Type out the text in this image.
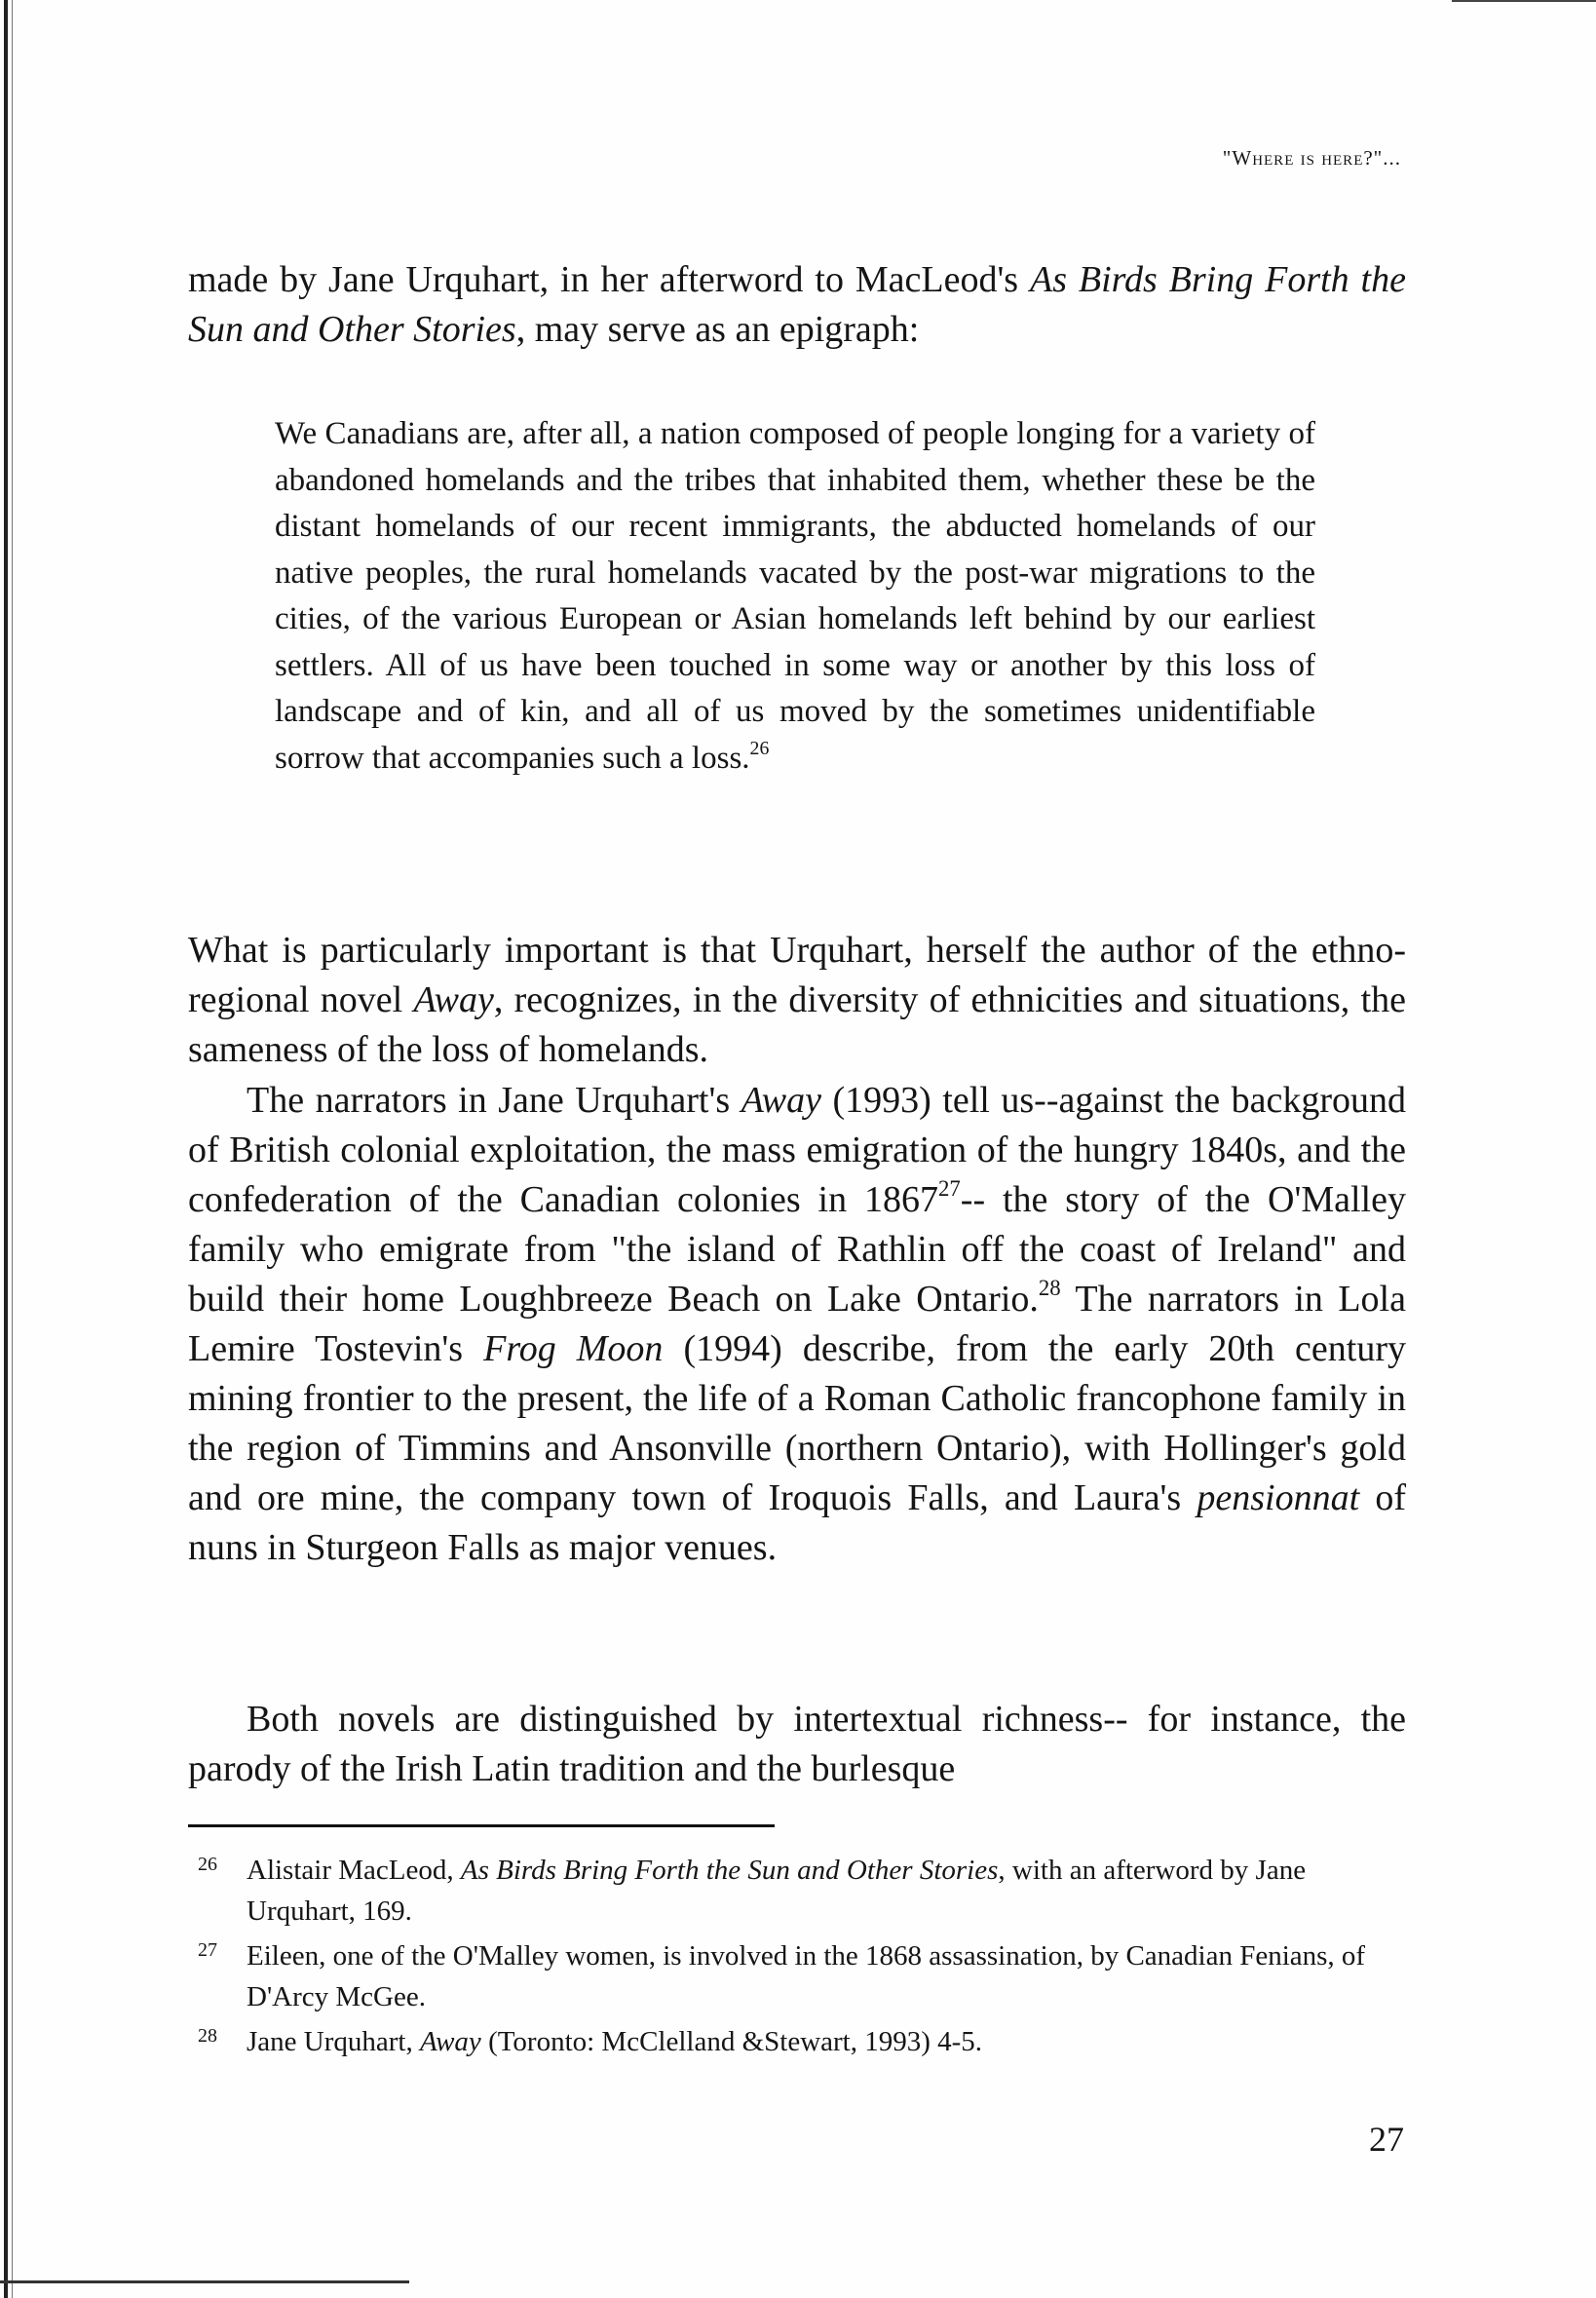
"Where is here?"...

made by Jane Urquhart, in her afterword to MacLeod's As Birds Bring Forth the Sun and Other Stories, may serve as an epigraph:

We Canadians are, after all, a nation composed of people longing for a variety of abandoned homelands and the tribes that inhabited them, whether these be the distant homelands of our recent immigrants, the abducted homelands of our native peoples, the rural homelands vacated by the post-war migrations to the cities, of the various European or Asian homelands left behind by our earliest settlers. All of us have been touched in some way or another by this loss of landscape and of kin, and all of us moved by the sometimes unidentifiable sorrow that accompanies such a loss.$^{26}$

What is particularly important is that Urquhart, herself the author of the ethno-regional novel Away, recognizes, in the diversity of ethnicities and situations, the sameness of the loss of homelands.

The narrators in Jane Urquhart's Away (1993) tell us--against the background of British colonial exploitation, the mass emigration of the hungry 1840s, and the confederation of the Canadian colonies in 1867$^{27}$-- the story of the O'Malley family who emigrate from "the island of Rathlin off the coast of Ireland" and build their home Loughbreeze Beach on Lake Ontario.$^{28}$ The narrators in Lola Lemire Tostevin's Frog Moon (1994) describe, from the early 20th century mining frontier to the present, the life of a Roman Catholic francophone family in the region of Timmins and Ansonville (northern Ontario), with Hollinger's gold and ore mine, the company town of Iroquois Falls, and Laura's pensionnat of nuns in Sturgeon Falls as major venues.

Both novels are distinguished by intertextual richness-- for instance, the parody of the Irish Latin tradition and the burlesque

26 Alistair MacLeod, As Birds Bring Forth the Sun and Other Stories, with an afterword by Jane Urquhart, 169.

27 Eileen, one of the O'Malley women, is involved in the 1868 assassination, by Canadian Fenians, of D'Arcy McGee.

28 Jane Urquhart, Away (Toronto: McClelland &Stewart, 1993) 4-5.

27
